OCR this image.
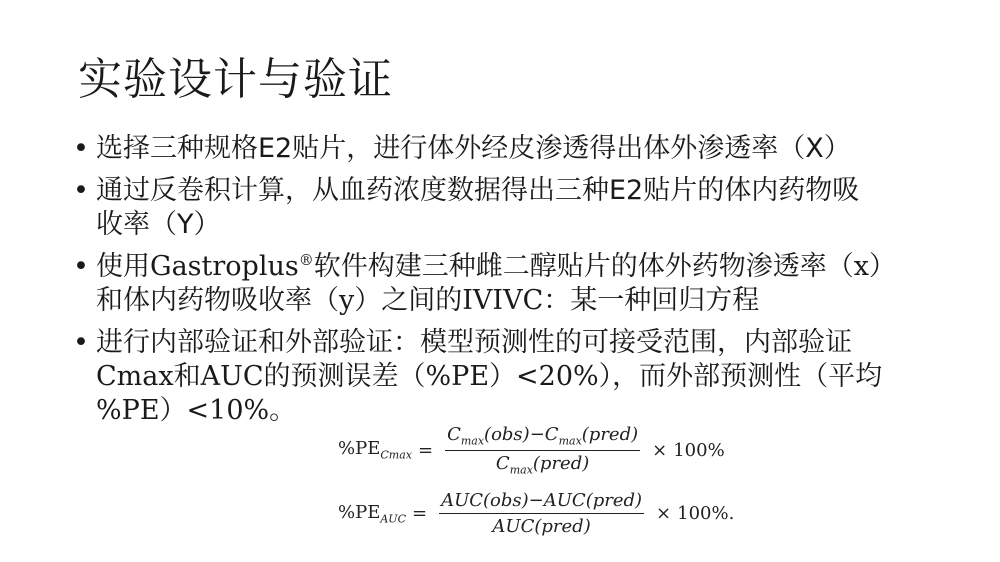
实验设计与验证
• 选择三种规格E2贴片，进行体外经皮渗透得出体外渗透率（X）
• 通过反卷积计算，从血药浓度数据得出三种E2贴片的体内药物吸
收率（Y）
• 使用Gastroplus®软件构建三种雌二醇贴片的体外药物渗透率（x）
和体内药物吸收率（y）之间的IVIVC：某一种回归方程
• 进行内部验证和外部验证：模型预测性的可接受范围，内部验证
Cmax和AUC的预测误差（%PE）<20%），而外部预测性（平均
%PE）<10%。
$\%PE_{Cmax} = \frac{C_{max}(obs)-C_{max}(pred)}{C_{max}(pred)} \times 100\%$
$\%PE_{AUC} = \frac{\text{AUC(obs)−AUC(pred)}}{\text{AUC(pred)}} \times 100\%$.
